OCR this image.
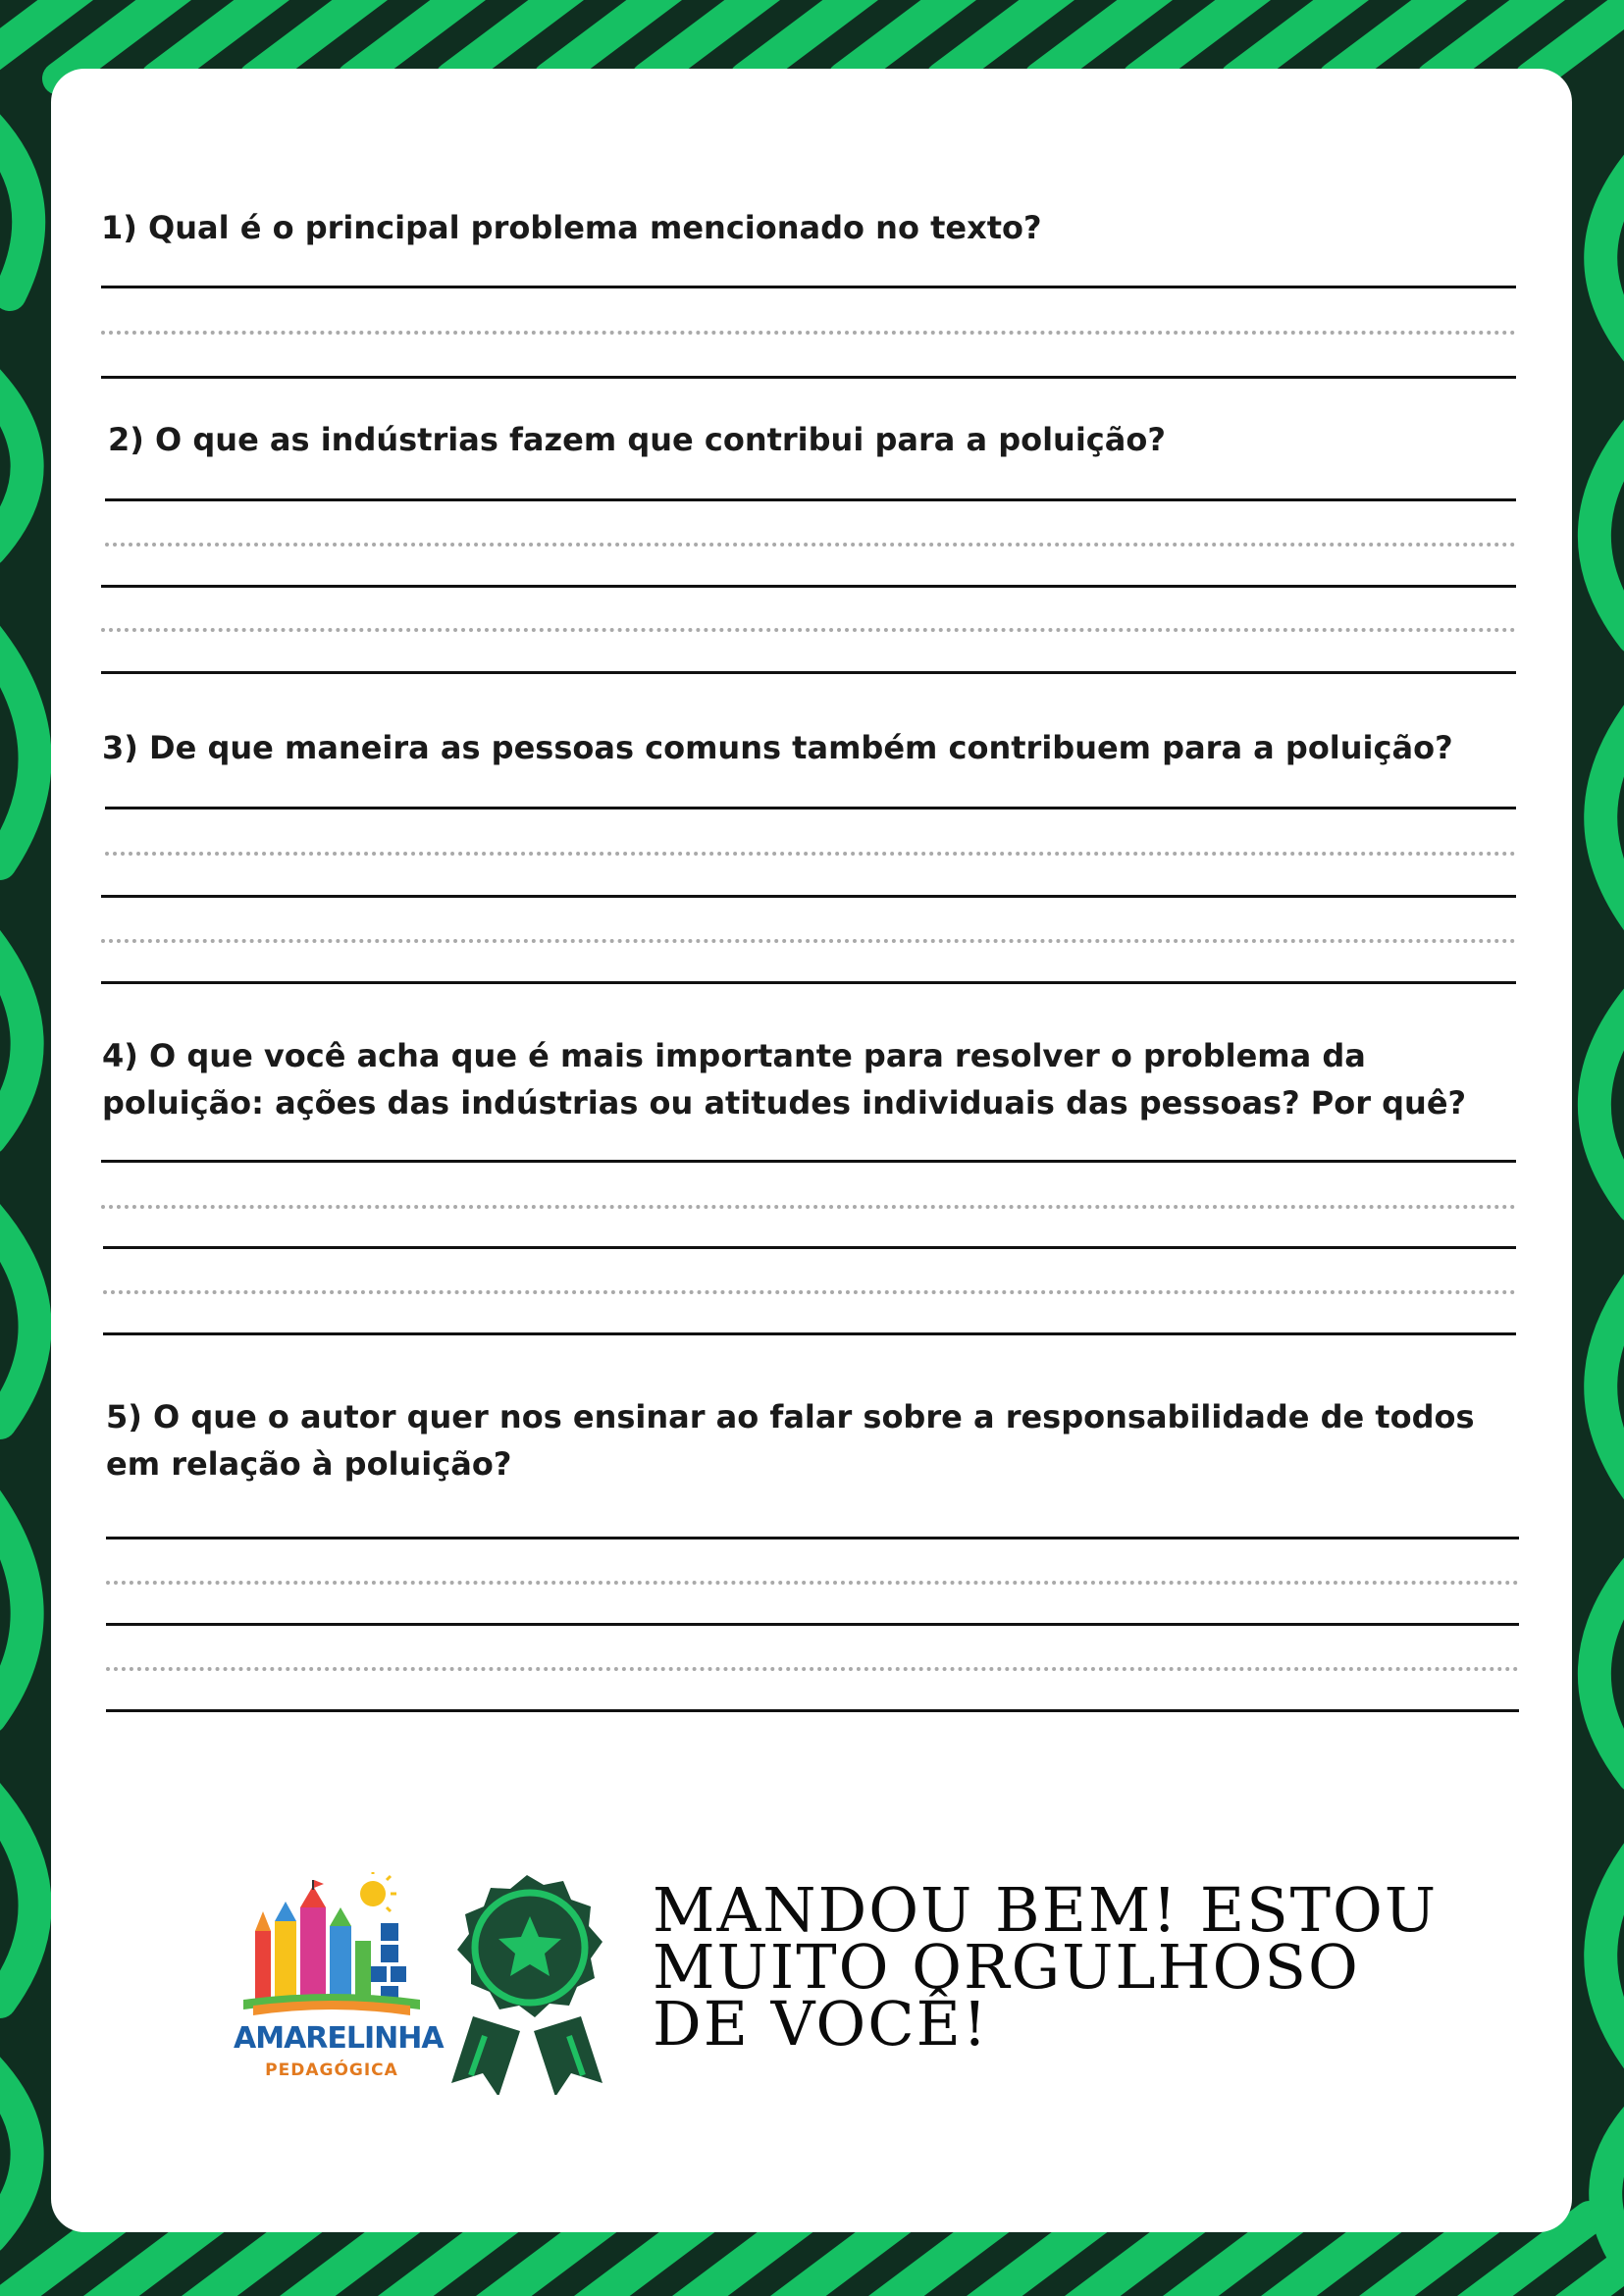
1) Qual é o principal problema mencionado no texto?

2) O que as indústrias fazem que contribui para a poluição?

3) De que maneira as pessoas comuns também contribuem para a poluição?

4) O que você acha que é mais importante para resolver o problema da
poluição: ações das indústrias ou atitudes individuais das pessoas? Por quê?

5) O que o autor quer nos ensinar ao falar sobre a responsabilidade de todos
em relação à poluição?

AMARELINHA
PEDAGÓGICA

MANDOU BEM! ESTOU
MUITO ORGULHOSO
DE VOCÊ!
